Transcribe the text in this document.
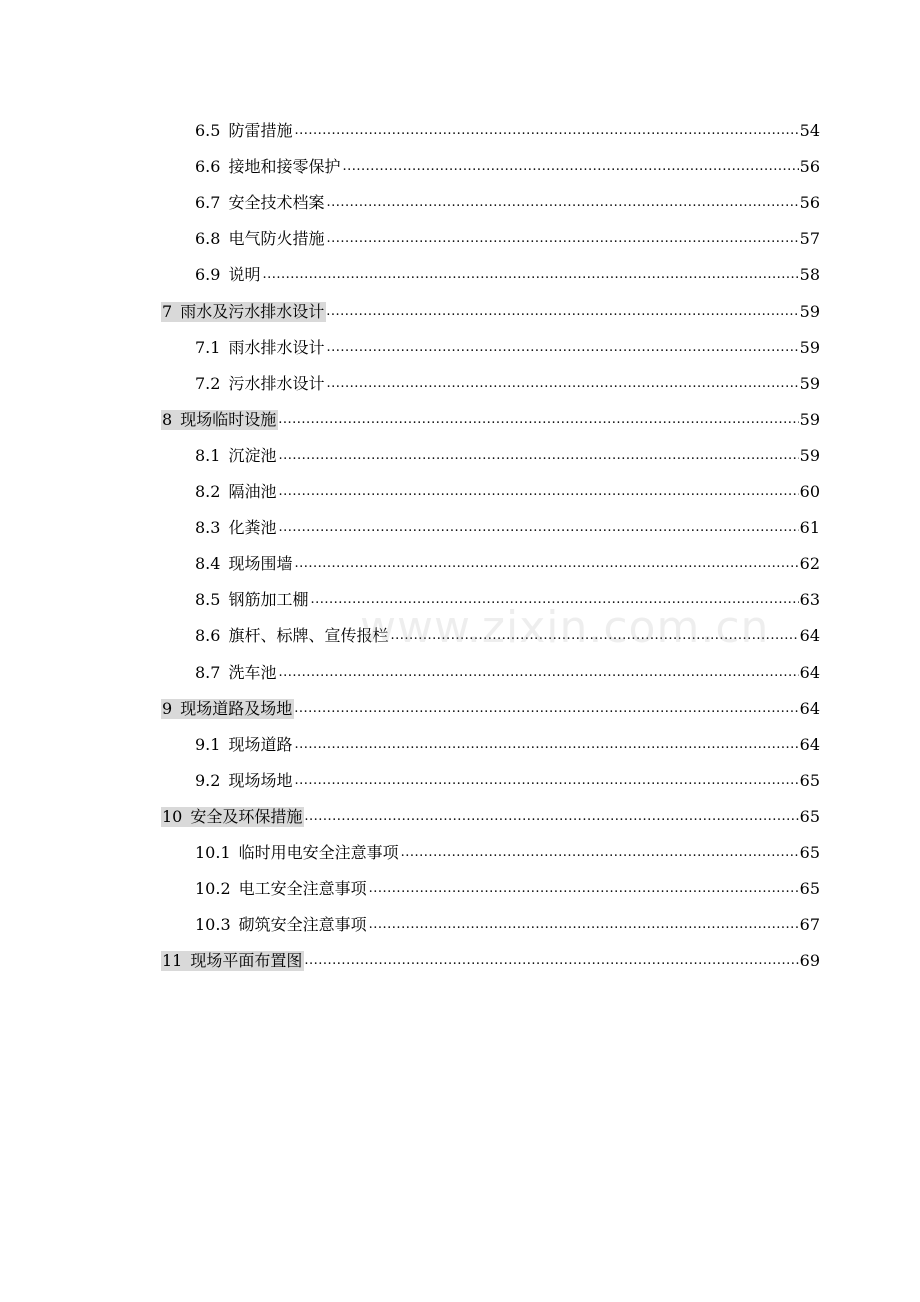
6.5 防雷措施 .....	54
6.6 接地和接零保护 .....	56
6.7 安全技术档案 .....	56
6.8 电气防火措施 .....	57
6.9 说明 .....	58
7 雨水及污水排水设计 .....	59
7.1 雨水排水设计 .....	59
7.2 污水排水设计 .....	59
8 现场临时设施 .....	59
8.1 沉淀池 .....	59
8.2 隔油池 .....	60
8.3 化粪池 .....	61
8.4 现场围墙 .....	62
8.5 钢筋加工棚 .....	63
8.6 旗杆、标牌、宣传报栏 .....	64
8.7 洗车池 .....	64
9 现场道路及场地 .....	64
9.1 现场道路 .....	64
9.2 现场场地 .....	65
10 安全及环保措施 .....	65
10.1 临时用电安全注意事项 .....	65
10.2 电工安全注意事项 .....	65
10.3 砌筑安全注意事项 .....	67
11 现场平面布置图 .....	69
www.zixin.com.cn
